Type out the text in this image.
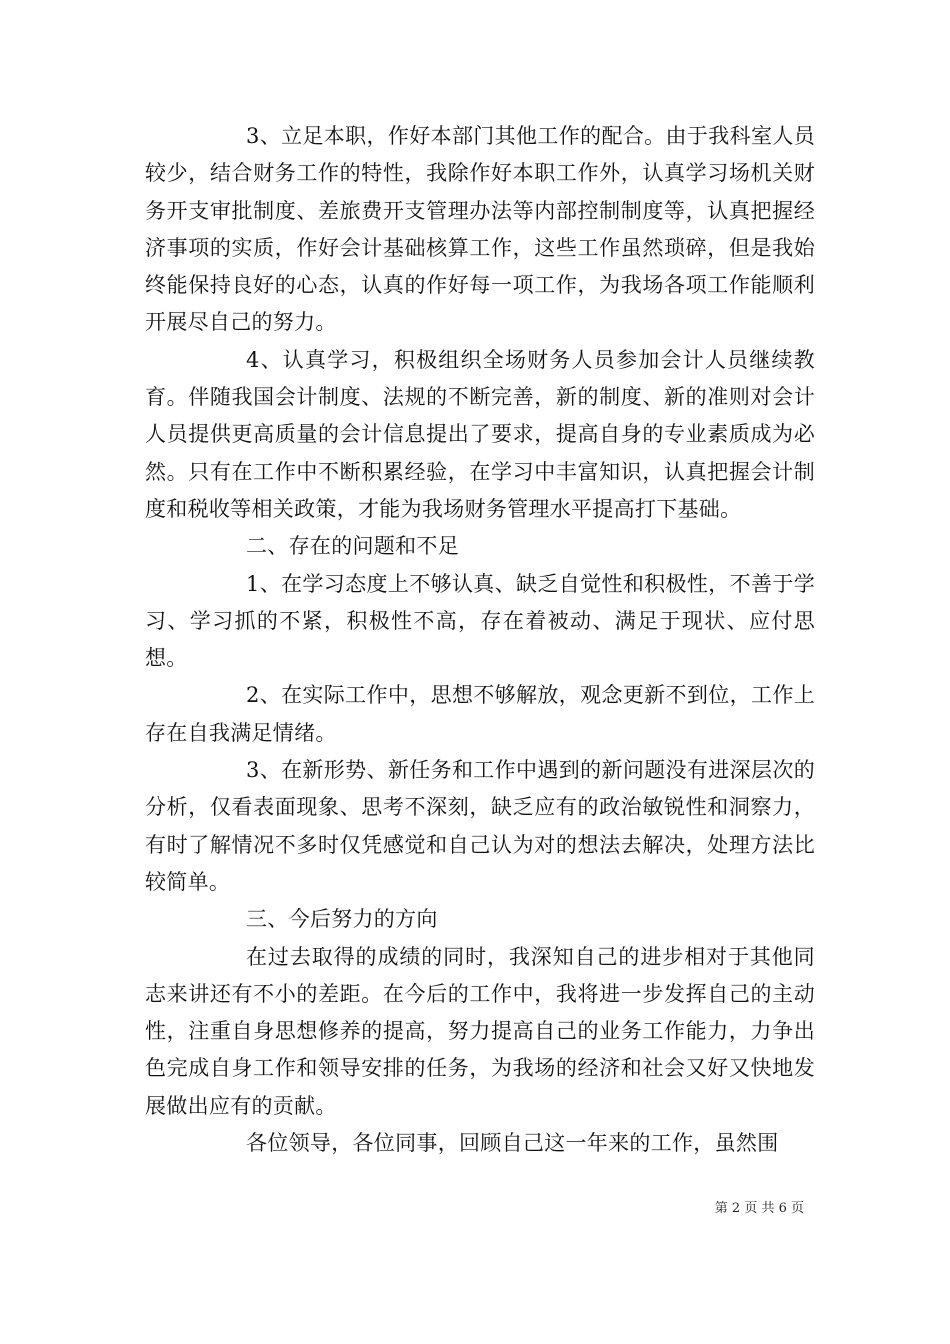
3、立足本职，作好本部门其他工作的配合。由于我科室人员较少，结合财务工作的特性，我除作好本职工作外，认真学习场机关财务开支审批制度、差旅费开支管理办法等内部控制制度等，认真把握经济事项的实质，作好会计基础核算工作，这些工作虽然琐碎，但是我始终能保持良好的心态，认真的作好每一项工作，为我场各项工作能顺利开展尽自己的努力。

4、认真学习，积极组织全场财务人员参加会计人员继续教育。伴随我国会计制度、法规的不断完善，新的制度、新的准则对会计人员提供更高质量的会计信息提出了要求，提高自身的专业素质成为必然。只有在工作中不断积累经验，在学习中丰富知识，认真把握会计制度和税收等相关政策，才能为我场财务管理水平提高打下基础。

二、存在的问题和不足

1、在学习态度上不够认真、缺乏自觉性和积极性，不善于学习、学习抓的不紧，积极性不高，存在着被动、满足于现状、应付思想。

2、在实际工作中，思想不够解放，观念更新不到位，工作上存在自我满足情绪。

3、在新形势、新任务和工作中遇到的新问题没有进深层次的分析，仅看表面现象、思考不深刻，缺乏应有的政治敏锐性和洞察力，有时了解情况不多时仅凭感觉和自己认为对的想法去解决，处理方法比较简单。

三、今后努力的方向

在过去取得的成绩的同时，我深知自己的进步相对于其他同志来讲还有不小的差距。在今后的工作中，我将进一步发挥自己的主动性，注重自身思想修养的提高，努力提高自己的业务工作能力，力争出色完成自身工作和领导安排的任务，为我场的经济和社会又好又快地发展做出应有的贡献。

各位领导，各位同事，回顾自己这一年来的工作，虽然围

第 2 页 共 6 页
